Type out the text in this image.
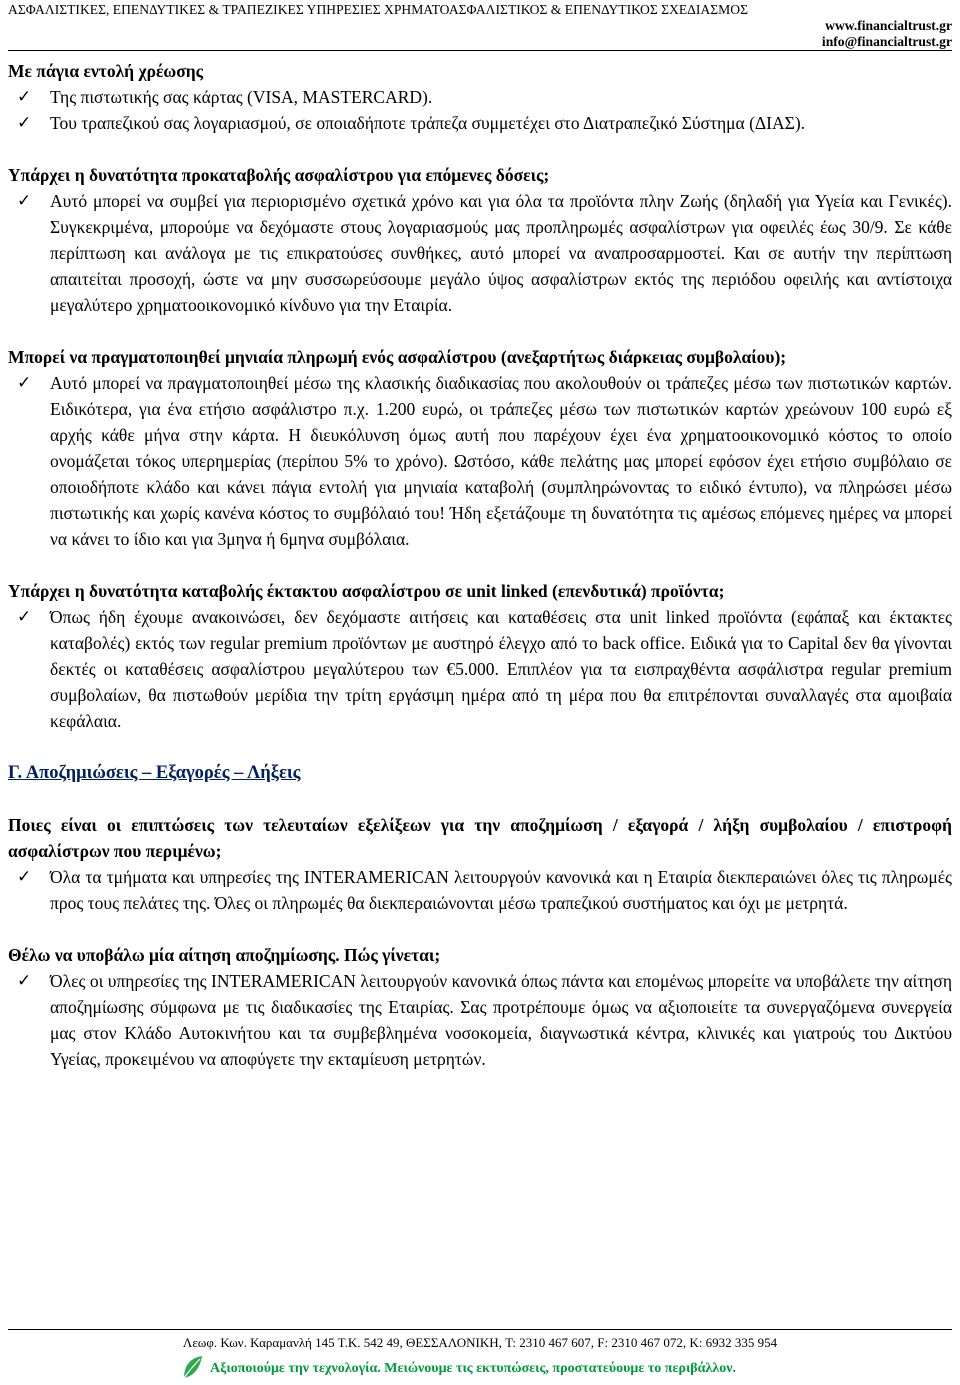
ΑΣΦΑΛΙΣΤΙΚΕΣ, ΕΠΕΝΔΥΤΙΚΕΣ & ΤΡΑΠΕΖΙΚΕΣ ΥΠΗΡΕΣΙΕΣ ΧΡΗΜΑΤΟΑΣΦΑΛΙΣΤΙΚΟΣ & ΕΠΕΝΔΥΤΙΚΟΣ ΣΧΕΔΙΑΣΜΟΣ
www.financialtrust.gr
info@financialtrust.gr

Με πάγια εντολή χρέωσης

✓ Της πιστωτικής σας κάρτας (VISA, MASTERCARD).
✓ Του τραπεζικού σας λογαριασμού, σε οποιαδήποτε τράπεζα συμμετέχει στο Διατραπεζικό Σύστημα (ΔΙΑΣ).

Υπάρχει η δυνατότητα προκαταβολής ασφαλίστρου για επόμενες δόσεις;

✓ Αυτό μπορεί να συμβεί για περιορισμένο σχετικά χρόνο και για όλα τα προϊόντα πλην Ζωής (δηλαδή για Υγεία και Γενικές). Συγκεκριμένα, μπορούμε να δεχόμαστε στους λογαριασμούς μας προπληρωμές ασφαλίστρων για οφειλές έως 30/9. Σε κάθε περίπτωση και ανάλογα με τις επικρατούσες συνθήκες, αυτό μπορεί να αναπροσαρμοστεί. Και σε αυτήν την περίπτωση απαιτείται προσοχή, ώστε να μην συσσωρεύσουμε μεγάλο ύψος ασφαλίστρων εκτός της περιόδου οφειλής και αντίστοιχα μεγαλύτερο χρηματοοικονομικό κίνδυνο για την Εταιρία.

Μπορεί να πραγματοποιηθεί μηνιαία πληρωμή ενός ασφαλίστρου (ανεξαρτήτως διάρκειας συμβολαίου);

✓ Αυτό μπορεί να πραγματοποιηθεί μέσω της κλασικής διαδικασίας που ακολουθούν οι τράπεζες μέσω των πιστωτικών καρτών. Ειδικότερα, για ένα ετήσιο ασφάλιστρο π.χ. 1.200 ευρώ, οι τράπεζες μέσω των πιστωτικών καρτών χρεώνουν 100 ευρώ εξ αρχής κάθε μήνα στην κάρτα. Η διευκόλυνση όμως αυτή που παρέχουν έχει ένα χρηματοοικονομικό κόστος το οποίο ονομάζεται τόκος υπερημερίας (περίπου 5% το χρόνο). Ωστόσο, κάθε πελάτης μας μπορεί εφόσον έχει ετήσιο συμβόλαιο σε οποιοδήποτε κλάδο και κάνει πάγια εντολή για μηνιαία καταβολή (συμπληρώνοντας το ειδικό έντυπο), να πληρώσει μέσω πιστωτικής και χωρίς κανένα κόστος το συμβόλαιό του! Ήδη εξετάζουμε τη δυνατότητα τις αμέσως επόμενες ημέρες να μπορεί να κάνει το ίδιο και για 3μηνα ή 6μηνα συμβόλαια.

Υπάρχει η δυνατότητα καταβολής έκτακτου ασφαλίστρου σε unit linked (επενδυτικά) προϊόντα;

✓ Όπως ήδη έχουμε ανακοινώσει, δεν δεχόμαστε αιτήσεις και καταθέσεις στα unit linked προϊόντα (εφάπαξ και έκτακτες καταβολές) εκτός των regular premium προϊόντων με αυστηρό έλεγχο από το back office. Ειδικά για το Capital δεν θα γίνονται δεκτές οι καταθέσεις ασφαλίστρου μεγαλύτερου των €5.000. Επιπλέον για τα εισπραχθέντα ασφάλιστρα regular premium συμβολαίων, θα πιστωθούν μερίδια την τρίτη εργάσιμη ημέρα από τη μέρα που θα επιτρέπονται συναλλαγές στα αμοιβαία κεφάλαια.

Γ. Αποζημιώσεις – Εξαγορές – Λήξεις

Ποιες είναι οι επιπτώσεις των τελευταίων εξελίξεων για την αποζημίωση / εξαγορά / λήξη συμβολαίου / επιστροφή ασφαλίστρων που περιμένω;

✓ Όλα τα τμήματα και υπηρεσίες της INTERAMERICAN λειτουργούν κανονικά και η Εταιρία διεκπεραιώνει όλες τις πληρωμές προς τους πελάτες της. Όλες οι πληρωμές θα διεκπεραιώνονται μέσω τραπεζικού συστήματος και όχι με μετρητά.

Θέλω να υποβάλω μία αίτηση αποζημίωσης. Πώς γίνεται;

✓ Όλες οι υπηρεσίες της INTERAMERICAN λειτουργούν κανονικά όπως πάντα και επομένως μπορείτε να υποβάλετε την αίτηση αποζημίωσης σύμφωνα με τις διαδικασίες της Εταιρίας. Σας προτρέπουμε όμως να αξιοποιείτε τα συνεργαζόμενα συνεργεία μας στον Κλάδο Αυτοκινήτου και τα συμβεβλημένα νοσοκομεία, διαγνωστικά κέντρα, κλινικές και γιατρούς του Δικτύου Υγείας, προκειμένου να αποφύγετε την εκταμίευση μετρητών.
Λεωφ. Κων. Καραμανλή 145 Τ.Κ. 542 49, ΘΕΣΣΑΛΟΝΙΚΗ, T: 2310 467 607, F: 2310 467 072, K: 6932 335 954
Αξιοποιούμε την τεχνολογία. Μειώνουμε τις εκτυπώσεις, προστατεύουμε το περιβάλλον.
